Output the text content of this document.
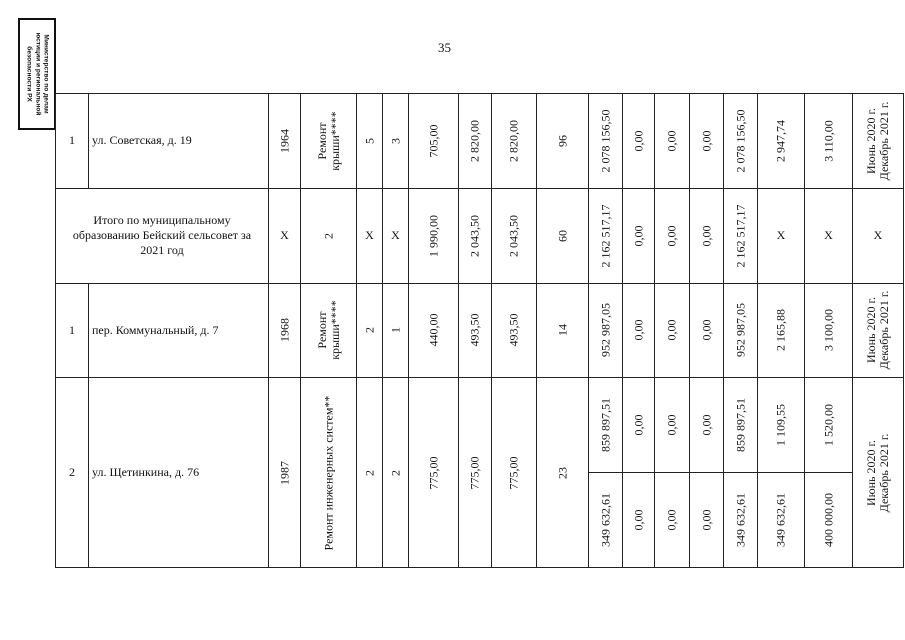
Министерство по делам юстиции и региональной безопасности РХ	35
1	ул. Советская, д. 19	1964	Ремонт крыши****	5	3	705,00	2 820,00	2 820,00	96	2 078 156,50	0,00	0,00	0,00	2 078 156,50	2 947,74	3 110,00	Июнь 2020 г.
Декабрь 2021 г.

Итого по муниципальному образованию Бейский сельсовет за 2021 год		X	2	X	X	1 990,00	2 043,50	2 043,50	60	2 162 517,17	0,00	0,00	0,00	2 162 517,17	X	X	X
1	пер. Коммунальный, д. 7	1968	Ремонт крыши****	2	1	440,00	493,50	493,50	14	952 987,05	0,00	0,00	0,00	952 987,05	2 165,88	3 100,00	Июнь 2020 г.
Декабрь 2021 г.

2	ул. Щетинкина, д. 76	1987	Ремонт инженерных систем**	2	2	775,00	775,00	775,00	23	859 897,51	0,00	0,00	0,00	859 897,51	1 109,55	1 520,00	Июнь 2020 г.
Декабрь 2021 г.

										349 632,61	0,00	0,00	0,00	349 632,61	349 632,61	400 000,00	
